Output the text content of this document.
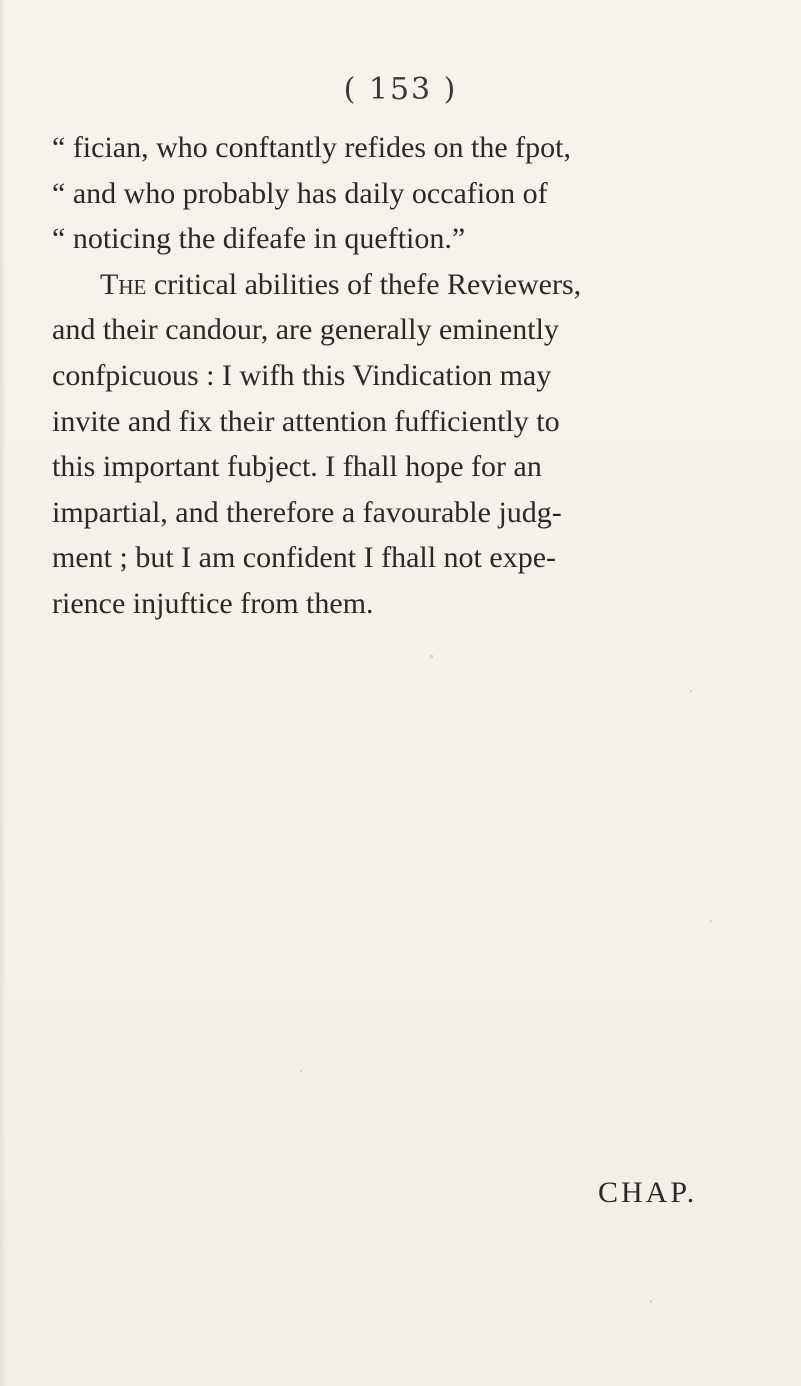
( 153 )
“ fician, who conftantly refides on the fpot,
“ and who probably has daily occafion of
“ noticing the difeafe in queftion.”
The critical abilities of thefe Reviewers,
and their candour, are generally eminently
confpicuous : I wifh this Vindication may
invite and fix their attention fufficiently to
this important fubject. I fhall hope for an
impartial, and therefore a favourable judg-
ment ; but I am confident I fhall not expe-
rience injuftice from them.
CHAP.
